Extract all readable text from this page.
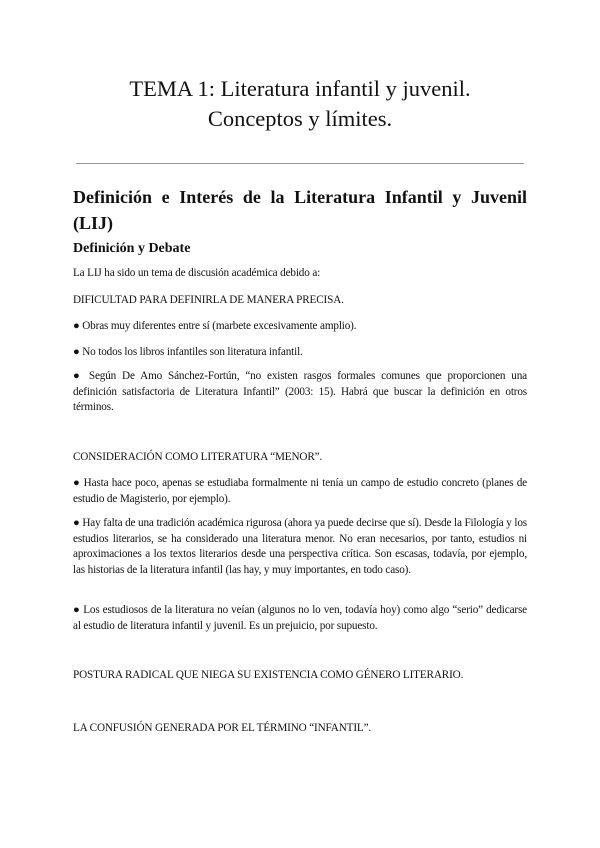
TEMA 1: Literatura infantil y juvenil.
Conceptos y límites.
Definición e Interés de la Literatura Infantil y Juvenil (LIJ)
Definición y Debate

La LIJ ha sido un tema de discusión académica debido a:

DIFICULTAD PARA DEFINIRLA DE MANERA PRECISA.

● Obras muy diferentes entre sí (marbete excesivamente amplio).

● No todos los libros infantiles son literatura infantil.

● Según De Amo Sánchez-Fortún, “no existen rasgos formales comunes que proporcionen una definición satisfactoria de Literatura Infantil” (2003: 15). Habrá que buscar la definición en otros términos.

CONSIDERACIÓN COMO LITERATURA “MENOR”.

● Hasta hace poco, apenas se estudiaba formalmente ni tenía un campo de estudio concreto (planes de estudio de Magisterio, por ejemplo).

● Hay falta de una tradición académica rigurosa (ahora ya puede decirse que sí). Desde la Filología y los estudios literarios, se ha considerado una literatura menor. No eran necesarios, por tanto, estudios ni aproximaciones a los textos literarios desde una perspectiva crítica. Son escasas, todavía, por ejemplo, las historias de la literatura infantil (las hay, y muy importantes, en todo caso).

● Los estudiosos de la literatura no veían (algunos no lo ven, todavía hoy) como algo “serio” dedicarse al estudio de literatura infantil y juvenil. Es un prejuicio, por supuesto.

POSTURA RADICAL QUE NIEGA SU EXISTENCIA COMO GÉNERO LITERARIO.

LA CONFUSIÓN GENERADA POR EL TÉRMINO “INFANTIL”.
